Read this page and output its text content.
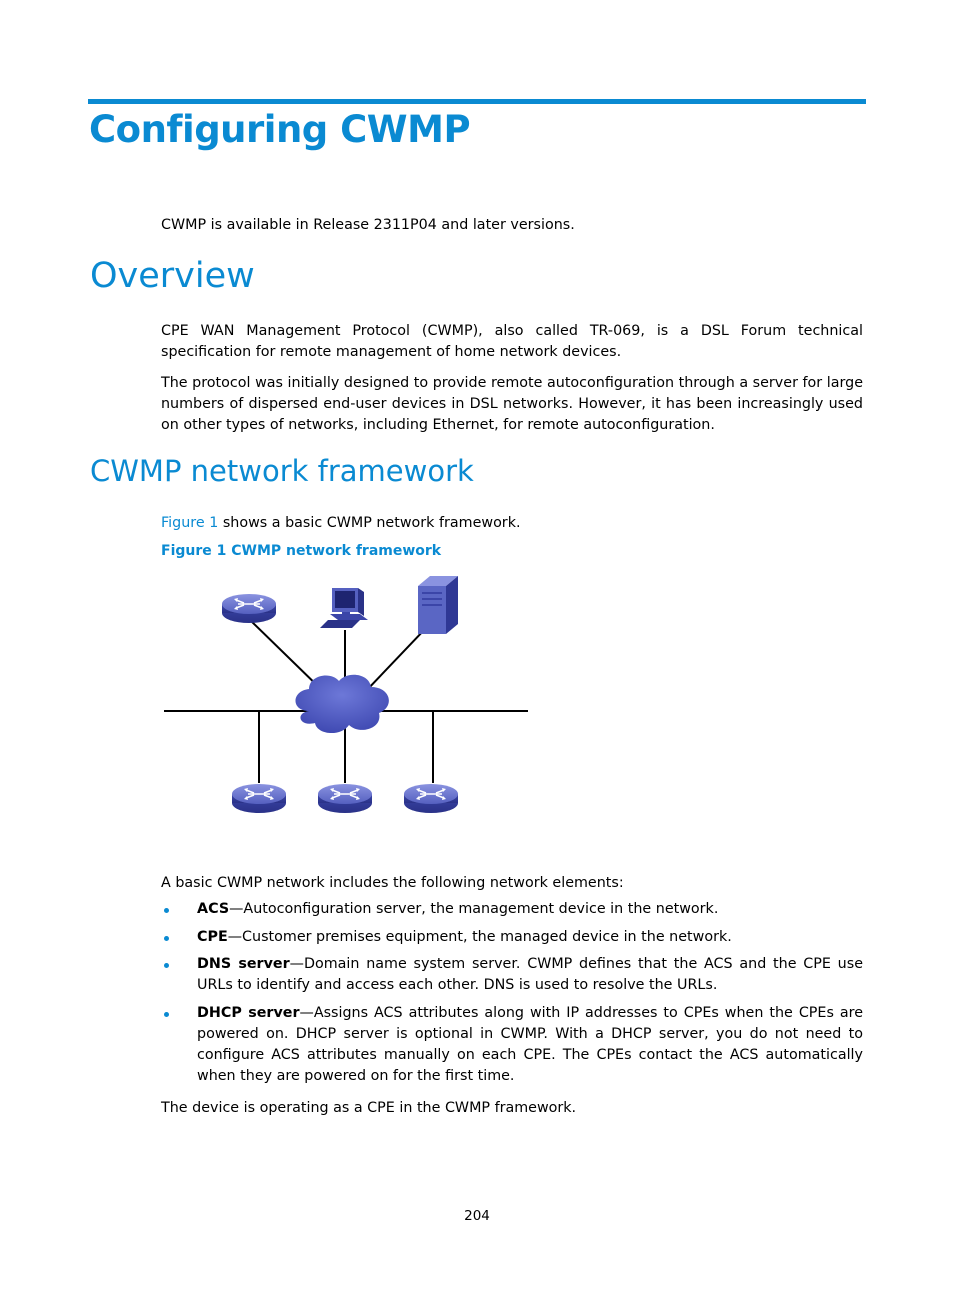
Configuring CWMP

CWMP is available in Release 2311P04 and later versions.

Overview

CPE WAN Management Protocol (CWMP), also called TR-069, is a DSL Forum technical specification for remote management of home network devices.

The protocol was initially designed to provide remote autoconfiguration through a server for large numbers of dispersed end-user devices in DSL networks. However, it has been increasingly used on other types of networks, including Ethernet, for remote autoconfiguration.

CWMP network framework

Figure 1 shows a basic CWMP network framework.

Figure 1 CWMP network framework

A basic CWMP network includes the following network elements:

ACS—Autoconfiguration server, the management device in the network.
CPE—Customer premises equipment, the managed device in the network.
DNS server—Domain name system server. CWMP defines that the ACS and the CPE use URLs to identify and access each other. DNS is used to resolve the URLs.
DHCP server—Assigns ACS attributes along with IP addresses to CPEs when the CPEs are powered on. DHCP server is optional in CWMP. With a DHCP server, you do not need to configure ACS attributes manually on each CPE. The CPEs contact the ACS automatically when they are powered on for the first time.

The device is operating as a CPE in the CWMP framework.

204
